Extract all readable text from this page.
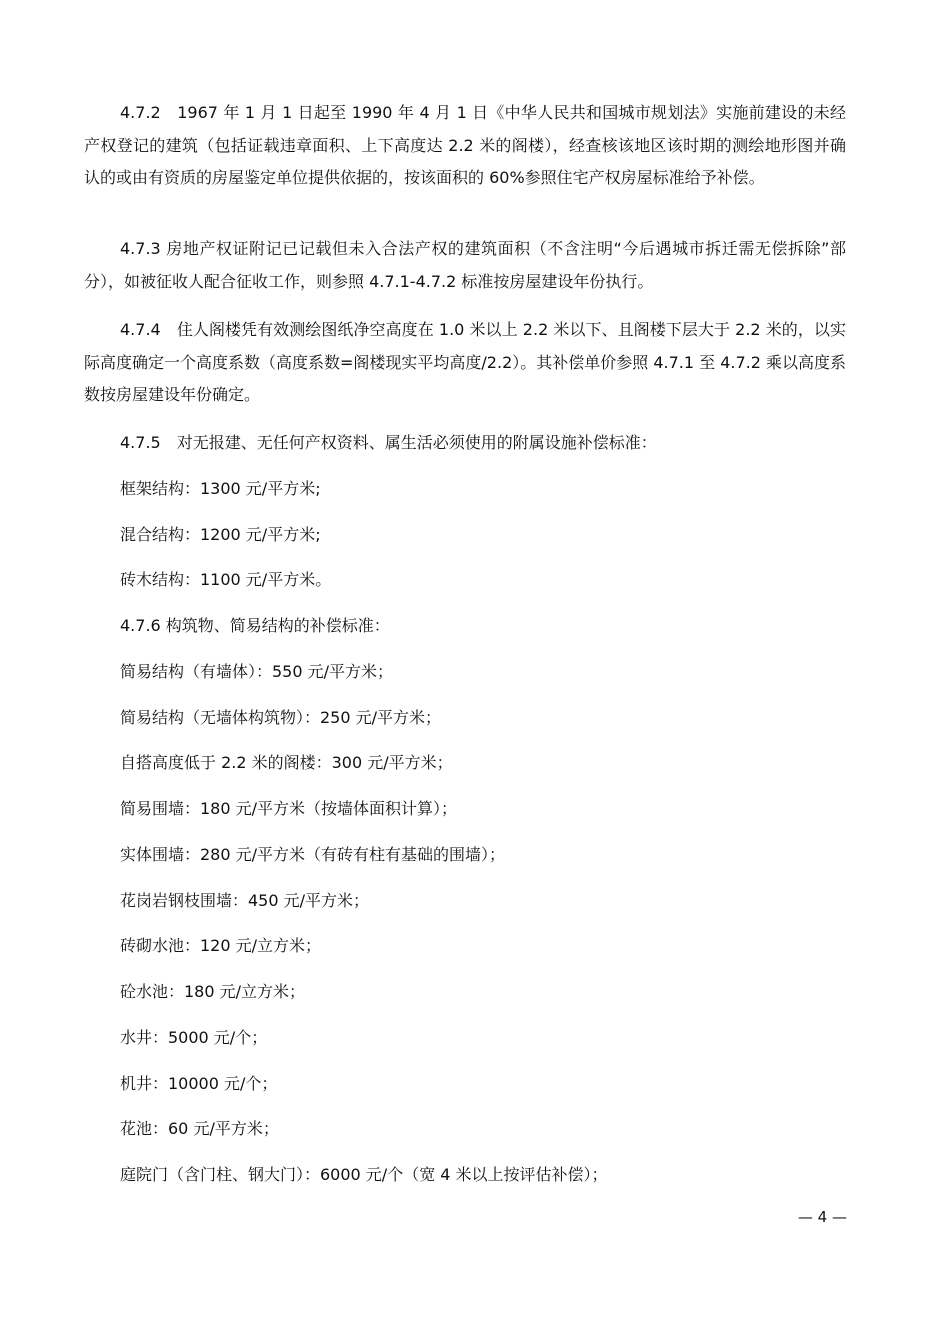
4.7.2　1967 年 1 月 1 日起至 1990 年 4 月 1 日《中华人民共和国城市规划法》实施前建设的未经产权登记的建筑（包括证载违章面积、上下高度达 2.2 米的阁楼），经查核该地区该时期的测绘地形图并确认的或由有资质的房屋鉴定单位提供依据的，按该面积的 60%参照住宅产权房屋标准给予补偿。

4.7.3 房地产权证附记已记载但未入合法产权的建筑面积（不含注明“今后遇城市拆迁需无偿拆除”部分），如被征收人配合征收工作，则参照 4.7.1-4.7.2 标准按房屋建设年份执行。

4.7.4　住人阁楼凭有效测绘图纸净空高度在 1.0 米以上 2.2 米以下、且阁楼下层大于 2.2 米的，以实际高度确定一个高度系数（高度系数=阁楼现实平均高度/2.2）。其补偿单价参照 4.7.1 至 4.7.2 乘以高度系数按房屋建设年份确定。

4.7.5　对无报建、无任何产权资料、属生活必须使用的附属设施补偿标准：

框架结构：1300 元/平方米;

混合结构：1200 元/平方米;

砖木结构：1100 元/平方米。

4.7.6 构筑物、简易结构的补偿标准：

简易结构（有墙体）：550 元/平方米；

简易结构（无墙体构筑物）：250 元/平方米；

自搭高度低于 2.2 米的阁楼：300 元/平方米；

简易围墙：180 元/平方米（按墙体面积计算）；

实体围墙：280 元/平方米（有砖有柱有基础的围墙）；

花岗岩钢枝围墙：450 元/平方米；

砖砌水池：120 元/立方米；

砼水池：180 元/立方米；

水井：5000 元/个；

机井：10000 元/个；

花池：60 元/平方米；

庭院门（含门柱、钢大门）：6000 元/个（宽 4 米以上按评估补偿）；

— 4 —
